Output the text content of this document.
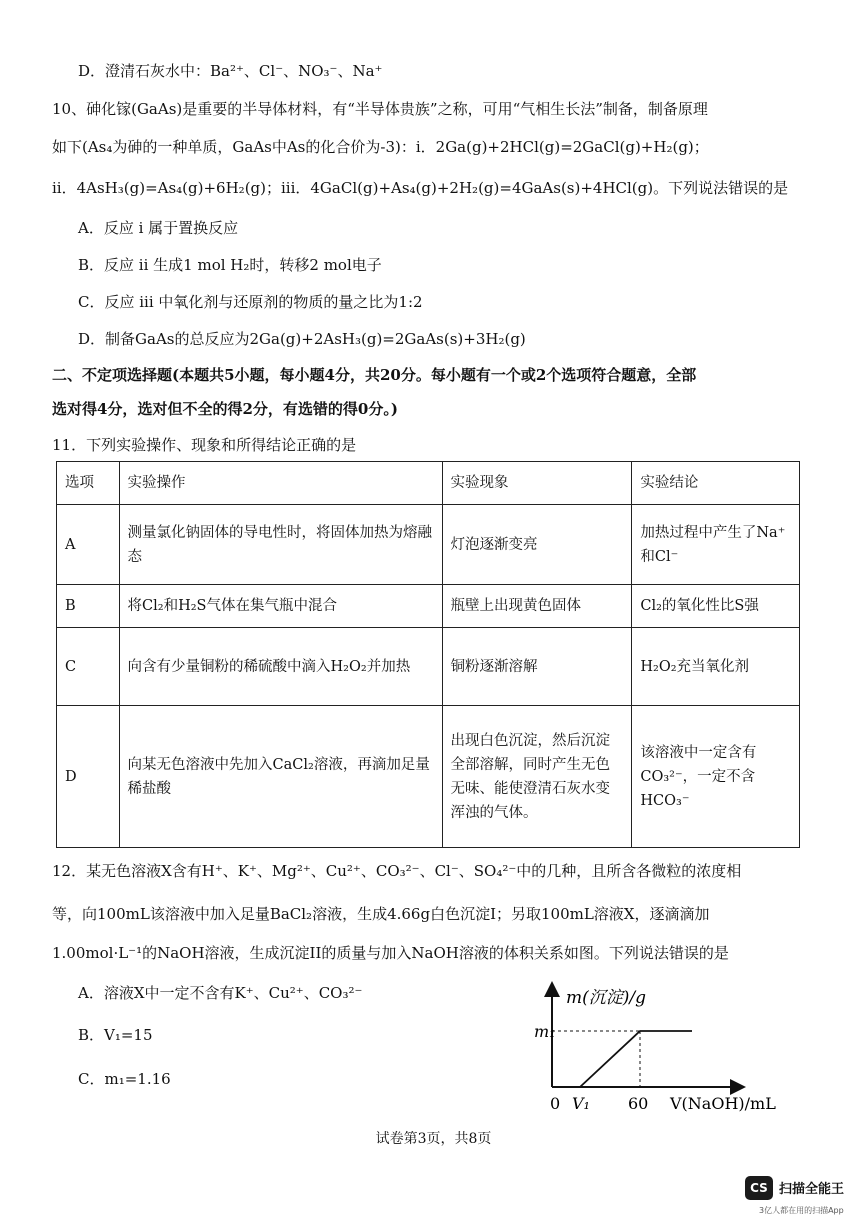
D．澄清石灰水中：Ba²⁺、Cl⁻、NO₃⁻、Na⁺
10、砷化镓(GaAs)是重要的半导体材料，有“半导体贵族”之称，可用“气相生长法”制备，制备原理
如下(As₄为砷的一种单质，GaAs中As的化合价为-3)：i．2Ga(g)+2HCl(g)=2GaCl(g)+H₂(g)；
ii．4AsH₃(g)=As₄(g)+6H₂(g)；iii．4GaCl(g)+As₄(g)+2H₂(g)=4GaAs(s)+4HCl(g)。下列说法错误的是
A．反应 i 属于置换反应
B．反应 ii 生成1 mol H₂时，转移2 mol电子
C．反应 iii 中氧化剂与还原剂的物质的量之比为1:2
D．制备GaAs的总反应为2Ga(g)+2AsH₃(g)=2GaAs(s)+3H₂(g)
二、不定项选择题(本题共5小题，每小题4分，共20分。每小题有一个或2个选项符合题意，全部
选对得4分，选对但不全的得2分，有选错的得0分。)
11．下列实验操作、现象和所得结论正确的是
选项	实验操作	实验现象	实验结论
A	测量氯化钠固体的导电性时，将固体加热为熔融态	灯泡逐渐变亮	加热过程中产生了Na⁺和Cl⁻
B	将Cl₂和H₂S气体在集气瓶中混合	瓶壁上出现黄色固体	Cl₂的氧化性比S强
C	向含有少量铜粉的稀硫酸中滴入H₂O₂并加热	铜粉逐渐溶解	H₂O₂充当氧化剂
D	向某无色溶液中先加入CaCl₂溶液，再滴加足量稀盐酸	出现白色沉淀，然后沉淀全部溶解，同时产生无色无味、能使澄清石灰水变浑浊的气体。	该溶液中一定含有CO₃²⁻，一定不含HCO₃⁻
12．某无色溶液X含有H⁺、K⁺、Mg²⁺、Cu²⁺、CO₃²⁻、Cl⁻、SO₄²⁻中的几种，且所含各微粒的浓度相
等，向100mL该溶液中加入足量BaCl₂溶液，生成4.66g白色沉淀I；另取100mL溶液X，逐滴滴加
1.00mol·L⁻¹的NaOH溶液，生成沉淀II的质量与加入NaOH溶液的体积关系如图。下列说法错误的是
A．溶液X中一定不含有K⁺、Cu²⁺、CO₃²⁻
B．V₁=15
C．m₁=1.16
m(沉淀)/g
m₁
0 V₁ 60 V(NaOH)/mL
试卷第3页，共8页
CS 扫描全能王
3亿人都在用的扫描App
